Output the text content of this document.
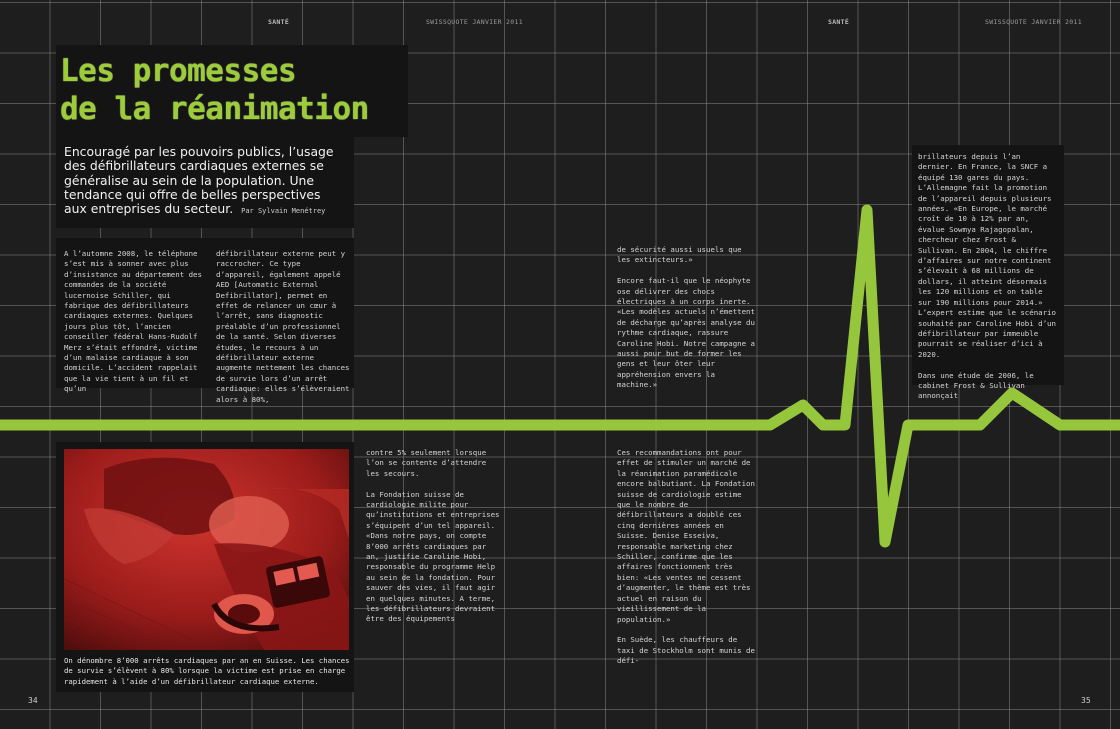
SANTÉ	SWISSQUOTE JANVIER 2011	SANTÉ	SWISSQUOTE JANVIER 2011
Les promesses
de la réanimation
Encouragé par les pouvoirs publics, l’usage des défibrillateurs cardiaques externes se généralise au sein de la population. Une tendance qui offre de belles perspectives aux entreprises du secteur. Par Sylvain Menétrey

A l’automne 2008, le téléphone s’est mis à sonner avec plus d’insistance au département des commandes de la société lucernoise Schiller, qui fabrique des défibrillateurs cardiaques externes. Quelques jours plus tôt, l’ancien conseiller fédéral Hans-Rudolf Merz s’était effondré, victime d’un malaise cardiaque à son domicile. L’accident rappelait que la vie tient à un fil et qu’un

défibrillateur externe peut y raccrocher. Ce type d’appareil, également appelé AED [Automatic External Defibrillator], permet en effet de relancer un cœur à l’arrêt, sans diagnostic préalable d’un professionnel de la santé. Selon diverses études, le recours à un défibrillateur externe augmente nettement les chances de survie lors d’un arrêt cardiaque: elles s’élèveraient alors à 80%,

contre 5% seulement lorsque l’on se contente d’attendre les secours.

La Fondation suisse de cardiologie milite pour qu’institutions et entreprises s’équipent d’un tel appareil. «Dans notre pays, on compte 8’000 arrêts cardiaques par an, justifie Caroline Hobi, responsable du programme Help au sein de la fondation. Pour sauver des vies, il faut agir en quelques minutes. A terme, les défibrillateurs devraient être des équipements

de sécurité aussi usuels que les extincteurs.»

Encore faut-il que le néophyte ose délivrer des chocs électriques à un corps inerte. «Les modèles actuels n’émettent de décharge qu’après analyse du rythme cardiaque, rassure Caroline Hobi. Notre campagne a aussi pour but de former les gens et leur ôter leur appréhension envers la machine.»

Ces recommandations ont pour effet de stimuler un marché de la réanimation paramédicale encore balbutiant. La Fondation suisse de cardiologie estime que le nombre de défibrillateurs a doublé ces cinq dernières années en Suisse. Denise Esseiva, responsable marketing chez Schiller, confirme que les affaires fonctionnent très bien: «Les ventes ne cessent d’augmenter, le thème est très actuel en raison du vieillissement de la population.»

En Suède, les chauffeurs de taxi de Stockholm sont munis de défi-

brillateurs depuis l’an dernier. En France, la SNCF a équipé 130 gares du pays. L’Allemagne fait la promotion de l’appareil depuis plusieurs années. «En Europe, le marché croît de 10 à 12% par an, évalue Sowmya Rajagopalan, chercheur chez Frost & Sullivan. En 2004, le chiffre d’affaires sur notre continent s’élevait à 68 millions de dollars, il atteint désormais les 120 millions et on table sur 190 millions pour 2014.» L’expert estime que le scénario souhaité par Caroline Hobi d’un défibrillateur par immeuble pourrait se réaliser d’ici à 2020.

Dans une étude de 2006, le cabinet Frost & Sullivan annonçait

On dénombre 8’000 arrêts cardiaques par an en Suisse. Les chances de survie s’élèvent à 80% lorsque la victime est prise en charge rapidement à l’aide d’un défibrillateur cardiaque externe.
34	35
